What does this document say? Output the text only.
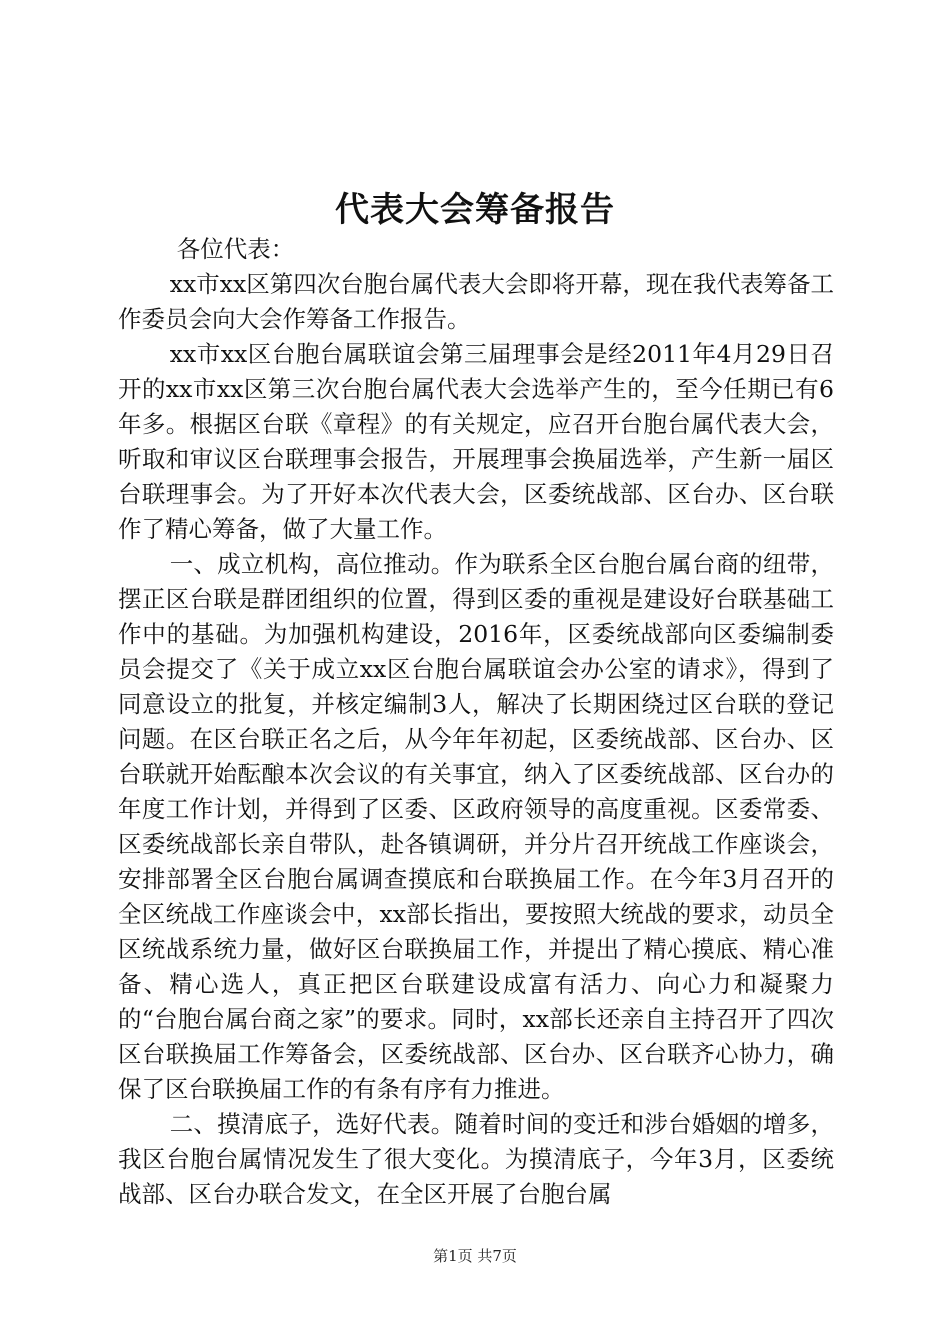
代表大会筹备报告

各位代表：

xx市xx区第四次台胞台属代表大会即将开幕，现在我代表筹备工作委员会向大会作筹备工作报告。

xx市xx区台胞台属联谊会第三届理事会是经2011年4月29日召开的xx市xx区第三次台胞台属代表大会选举产生的，至今任期已有6年多。根据区台联《章程》的有关规定，应召开台胞台属代表大会，听取和审议区台联理事会报告，开展理事会换届选举，产生新一届区台联理事会。为了开好本次代表大会，区委统战部、区台办、区台联作了精心筹备，做了大量工作。

一、成立机构，高位推动。作为联系全区台胞台属台商的纽带，摆正区台联是群团组织的位置，得到区委的重视是建设好台联基础工作中的基础。为加强机构建设，2016年，区委统战部向区委编制委员会提交了《关于成立xx区台胞台属联谊会办公室的请求》，得到了同意设立的批复，并核定编制3人，解决了长期困绕过区台联的登记问题。在区台联正名之后，从今年年初起，区委统战部、区台办、区台联就开始酝酿本次会议的有关事宜，纳入了区委统战部、区台办的年度工作计划，并得到了区委、区政府领导的高度重视。区委常委、区委统战部长亲自带队，赴各镇调研，并分片召开统战工作座谈会，安排部署全区台胞台属调查摸底和台联换届工作。在今年3月召开的全区统战工作座谈会中，xx部长指出，要按照大统战的要求，动员全区统战系统力量，做好区台联换届工作，并提出了精心摸底、精心准备、精心选人，真正把区台联建设成富有活力、向心力和凝聚力的“台胞台属台商之家”的要求。同时，xx部长还亲自主持召开了四次区台联换届工作筹备会，区委统战部、区台办、区台联齐心协力，确保了区台联换届工作的有条有序有力推进。

二、摸清底子，选好代表。随着时间的变迁和涉台婚姻的增多，我区台胞台属情况发生了很大变化。为摸清底子，今年3月，区委统战部、区台办联合发文，在全区开展了台胞台属

第1页 共7页
